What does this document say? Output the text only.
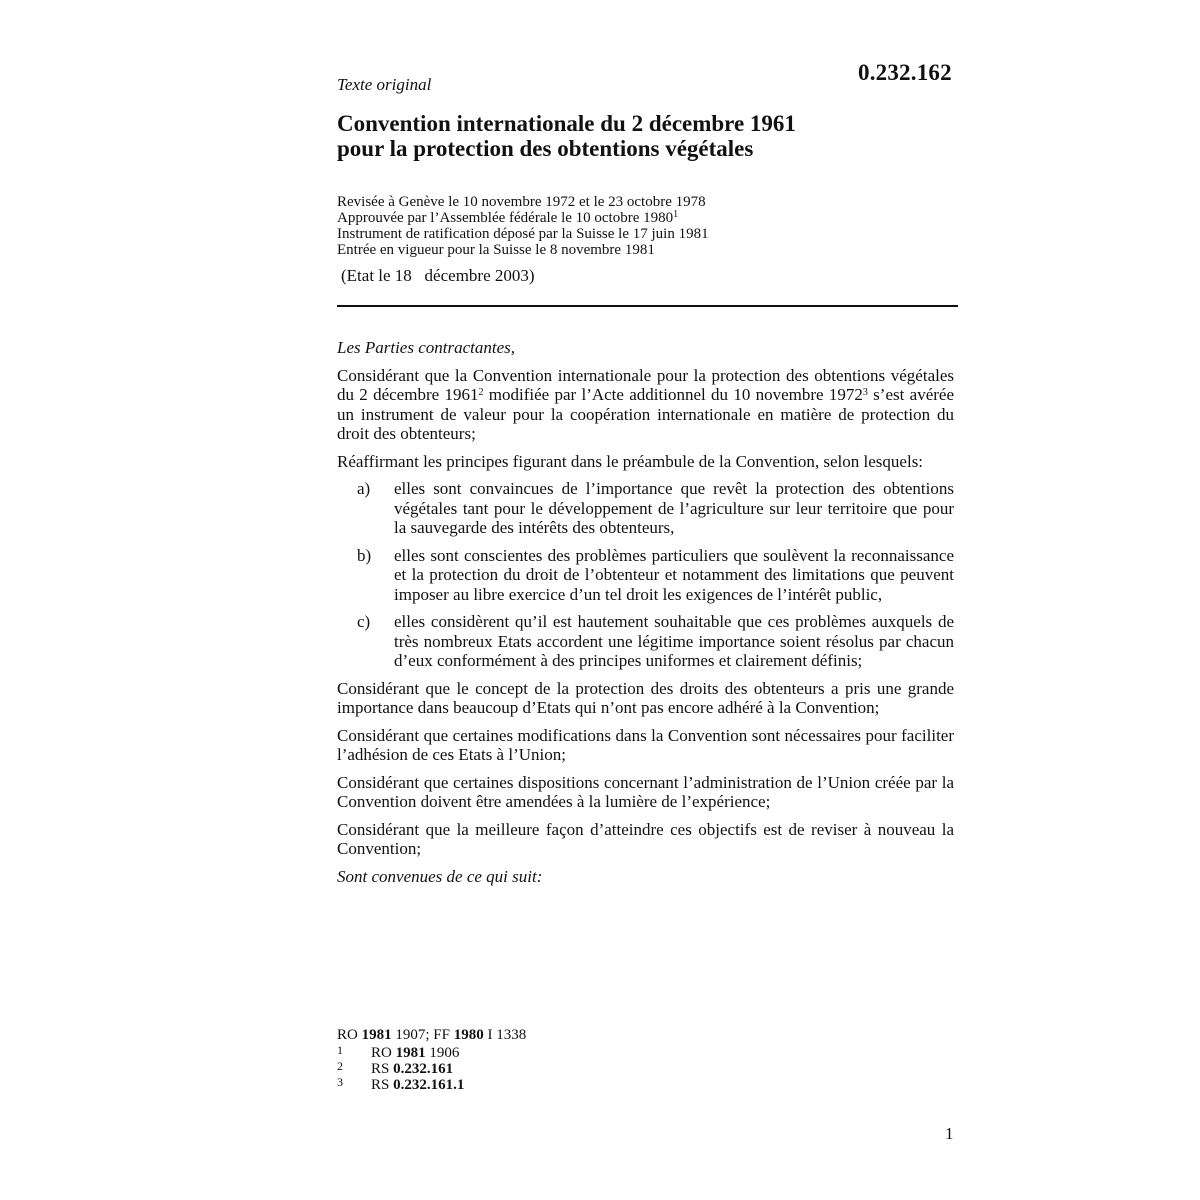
Texte original	0.232.162
Convention internationale du 2 décembre 1961
pour la protection des obtentions végétales
Revisée à Genève le 10 novembre 1972 et le 23 octobre 1978
Approuvée par l’Assemblée fédérale le 10 octobre 1980$^1$
Instrument de ratification déposé par la Suisse le 17 juin 1981
Entrée en vigueur pour la Suisse le 8 novembre 1981
(Etat le 18   décembre 2003)

Les Parties contractantes,

Considérant que la Convention internationale pour la protection des obtentions végétales du 2 décembre 1961$^2$ modifiée par l’Acte additionnel du 10 novembre 1972$^3$ s’est avérée un instrument de valeur pour la coopération internationale en matière de protection du droit des obtenteurs;

Réaffirmant les principes figurant dans le préambule de la Convention, selon lesquels:

a)	elles sont convaincues de l’importance que revêt la protection des obtentions végétales tant pour le développement de l’agriculture sur leur territoire que pour la sauvegarde des intérêts des obtenteurs,
b)	elles sont conscientes des problèmes particuliers que soulèvent la reconnaissance et la protection du droit de l’obtenteur et notamment des limitations que peuvent imposer au libre exercice d’un tel droit les exigences de l’intérêt public,
c)	elles considèrent qu’il est hautement souhaitable que ces problèmes auxquels de très nombreux Etats accordent une légitime importance soient résolus par chacun d’eux conformément à des principes uniformes et clairement définis;

Considérant que le concept de la protection des droits des obtenteurs a pris une grande importance dans beaucoup d’Etats qui n’ont pas encore adhéré à la Convention;

Considérant que certaines modifications dans la Convention sont nécessaires pour faciliter l’adhésion de ces Etats à l’Union;

Considérant que certaines dispositions concernant l’administration de l’Union créée par la Convention doivent être amendées à la lumière de l’expérience;

Considérant que la meilleure façon d’atteindre ces objectifs est de reviser à nouveau la Convention;

Sont convenues de ce qui suit:

RO 1981 1907; FF 1980 I 1338
1	RO 1981 1906
2	RS 0.232.161
3	RS 0.232.161.1
1
